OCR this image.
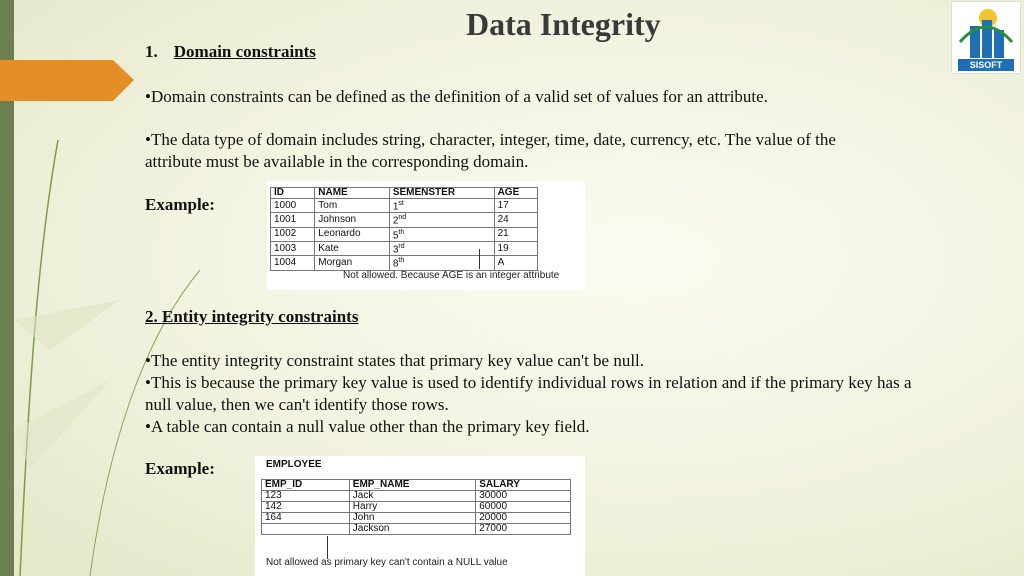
Data Integrity
SISOFT
1. Domain constraints
•Domain constraints can be defined as the definition of a valid set of values for an attribute.
•The data type of domain includes string, character, integer, time, date, currency, etc. The value of the
attribute must be available in the corresponding domain.
Example:
ID	NAME	SEMENSTER	AGE
1000	Tom	1st	17
1001	Johnson	2nd	24
1002	Leonardo	5th	21
1003	Kate	3rd	19
1004	Morgan	8th	A
Not allowed. Because AGE is an integer attribute
2. Entity integrity constraints
•The entity integrity constraint states that primary key value can't be null.
•This is because the primary key value is used to identify individual rows in relation and if the primary key has a
null value, then we can't identify those rows.
•A table can contain a null value other than the primary key field.
Example:	EMPLOYEE
EMP_ID	EMP_NAME	SALARY
123	Jack	30000
142	Harry	60000
164	John	20000
	Jackson	27000
Not allowed as primary key can't contain a NULL value
